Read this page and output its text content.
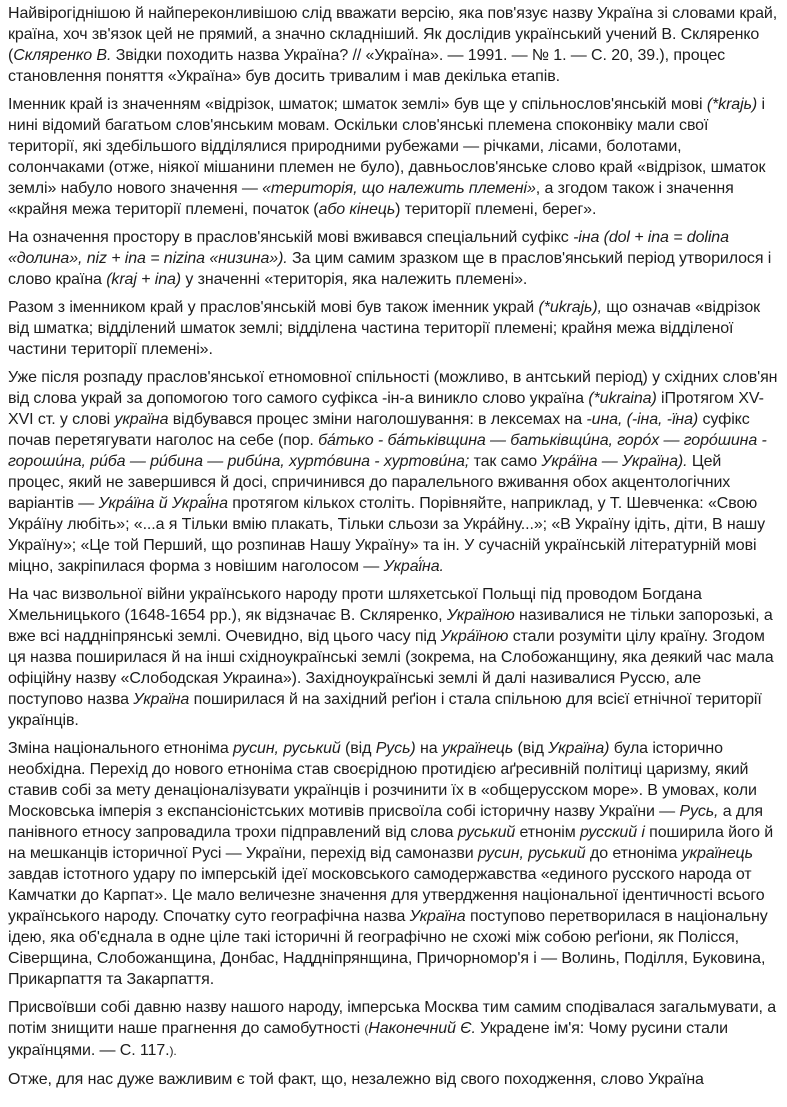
Найвірогіднішою й найпереконливішою слід вважати версію, яка пов'язує назву Україна зі словами край, країна, хоч зв'язок цей не прямий, а значно складніший. Як дослідив український учений В. Скляренко (Скляренко В. Звідки походить назва Україна? // «Україна». — 1991. — № 1. — С. 20, 39.), процес становлення поняття «Україна» був досить тривалим і мав декілька етапів.

Іменник край із значенням «відрізок, шматок; шматок землі» був ще у спільнослов'янській мові (*krajь) і нині відомий багатьом слов'янським мовам. Оскільки слов'янські племена споконвіку мали свої території, які здебільшого відділялися природними рубежами — річками, лісами, болотами, солончаками (отже, ніякої мішанини племен не було), давньослов'янське слово край «відрізок, шматок землі» набуло нового значення — «територія, що належить племені», а згодом також і значення «крайня межа території племені, початок (або кінець) території племені, берег».

На означення простору в праслов'янській мові вживався спеціальний суфікс -іна (dol + ina = dolina «долина», niz + ina = nizina «низина»). За цим самим зразком ще в праслов'янський період утворилося і слово країна (kraj + ina) у значенні «територія, яка належить племені».

Разом з іменником край у праслов'янській мові був також іменник украй (*ukrajь), що означав «відрізок від шматка; відділений шматок землі; відділена частина території племені; крайня межа відділеної частини території племені».

Уже після розпаду праслов'янської етномовної спільності (можливо, в антський період) у східних слов'ян від слова украй за допомогою того самого суфікса -ін-а виникло слово україна (*ukraina) іПротягом XV-XVI ст. у слові україна відбувався процес зміни наголошування: в лексемах на -ина, (-іна, -їна) суфікс почав перетягувати наголос на себе (пор. ба́тько - ба́тьківщина — батьківщи́на, горо́х — горо́шина - гороши́на, ри́ба — ри́бина — риби́на, хурто́вина - хуртови́на; так само Укра́їна — Україна). Цей процес, який не завершився й досі, спричинився до паралельного вживання обох акцентологічних варіантів — Укра́їна й Украї́на протягом кількох століть. Порівняйте, наприклад, у Т. Шевченка: «Свою Укра́їну любіть»; «...а я Тільки вмію плакать, Тільки сльози за Укра́йну...»; «В Україну ідіть, діти, В нашу Україну»; «Це той Перший, що розпинав Нашу Україну» та ін. У сучасній українській літературній мові міцно, закріпилася форма з новішим наголосом — Украї́на.

На час визвольної війни українського народу проти шляхетської Польщі під проводом Богдана Хмельницького (1648-1654 рр.), як відзначає В. Скляренко, Україною називалися не тільки запорозькі, а вже всі наддніпрянські землі. Очевидно, від цього часу під Укра́їною стали розуміти цілу країну. Згодом ця назва поширилася й на інші східноукраїнські землі (зокрема, на Слобожанщину, яка деякий час мала офіційну назву «Слободская Украина»). Західноукраїнські землі й далі називалися Руссю, але поступово назва Україна поширилася й на західний реґіон і стала спільною для всієї етнічної території українців.

Зміна національного етноніма русин, руський (від Русь) на українець (від Україна) була історично необхідна. Перехід до нового етноніма став своєрідною протидією аґресивній політиці царизму, який ставив собі за мету денаціоналізувати українців і розчинити їх в «общерусском море». В умовах, коли Московська імперія з експансіоністських мотивів присвоїла собі історичну назву України — Русь, а для панівного етносу запровадила трохи підправлений від слова руський етнонім русский і поширила його й на мешканців історичної Русі — України, перехід від самоназви русин, руський до етноніма українець завдав істотного удару по імперській ідеї московського самодержавства «единого русского народа от Камчатки до Карпат». Це мало величезне значення для утвердження національної ідентичності всього українського народу. Спочатку суто географічна назва Україна поступово перетворилася в національну ідею, яка об'єднала в одне ціле такі історичні й географічно не схожі між собою реґіони, як Полісся, Сіверщина, Слобожанщина, Донбас, Наддніпрянщина, Причорномор'я і — Волинь, Поділля, Буковина, Прикарпаття та Закарпаття.

Присвоївши собі давню назву нашого народу, імперська Москва тим самим сподівалася загальмувати, а потім знищити наше прагнення до самобутності (Наконечний Є. Украдене ім'я: Чому русини стали українцями. — С. 117.).

Отже, для нас дуже важливим є той факт, що, незалежно від свого походження, слово Україна
